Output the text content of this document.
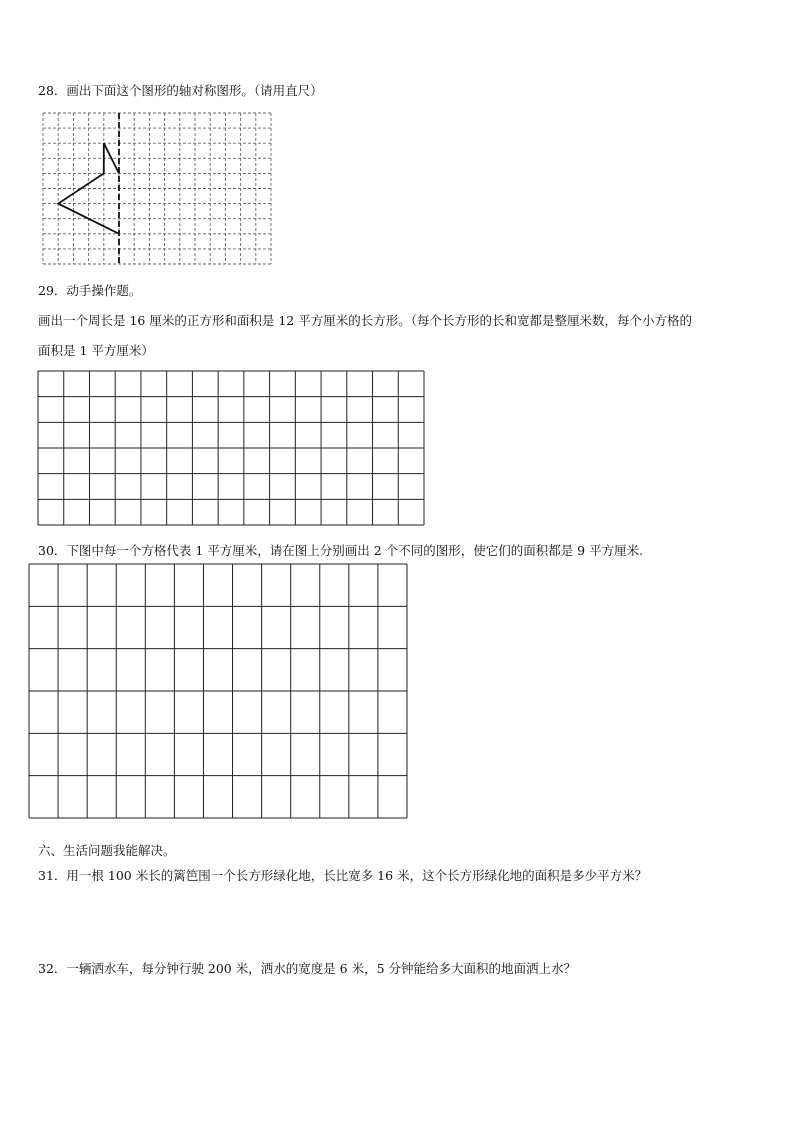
28．画出下面这个图形的轴对称图形。（请用直尺）
29．动手操作题。
画出一个周长是 16 厘米的正方形和面积是 12 平方厘米的长方形。（每个长方形的长和宽都是整厘米数，每个小方格的
面积是 1 平方厘米）
30．下图中每一个方格代表 1 平方厘米，请在图上分别画出 2 个不同的图形，使它们的面积都是 9 平方厘米.
六、生活问题我能解决。
31．用一根 100 米长的篱笆围一个长方形绿化地，长比宽多 16 米，这个长方形绿化地的面积是多少平方米？
32．一辆洒水车，每分钟行驶 200 米，洒水的宽度是 6 米，5 分钟能给多大面积的地面洒上水？
